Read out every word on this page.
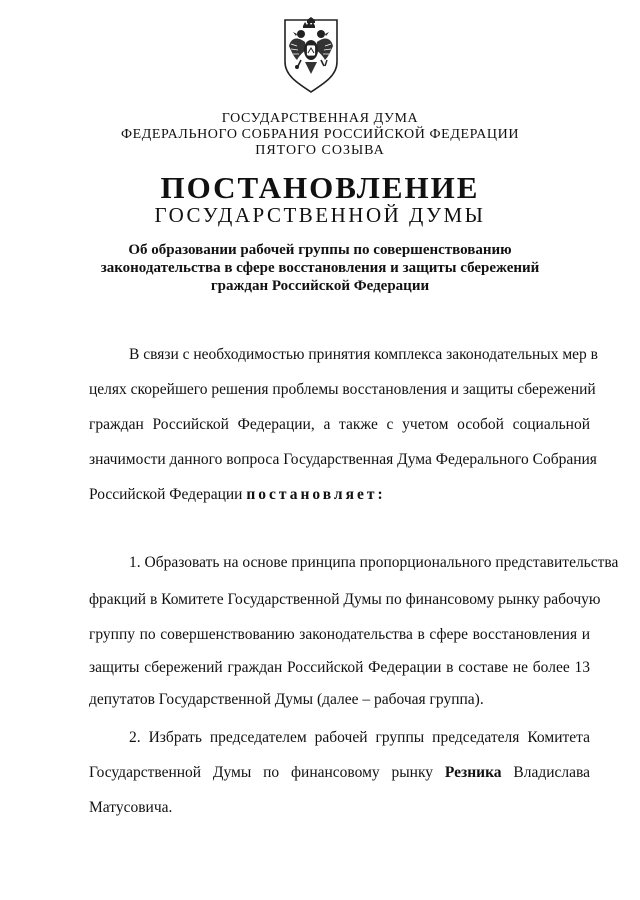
ГОСУДАРСТВЕННАЯ ДУМА
ФЕДЕРАЛЬНОГО СОБРАНИЯ РОССИЙСКОЙ ФЕДЕРАЦИИ
ПЯТОГО СОЗЫВА
ПОСТАНОВЛЕНИЕ
ГОСУДАРСТВЕННОЙ ДУМЫ
Об образовании рабочей группы по совершенствованию
законодательства в сфере восстановления и защиты сбережений
граждан Российской Федерации
В связи с необходимостью принятия комплекса законодательных мер в
целях скорейшего решения проблемы восстановления и защиты сбережений
граждан Российской Федерации, а также с учетом особой социальной
значимости данного вопроса Государственная Дума Федерального Собрания
Российской Федерации постановляет:
1. Образовать на основе принципа пропорционального представительства
фракций в Комитете Государственной Думы по финансовому рынку рабочую
группу по совершенствованию законодательства в сфере восстановления и
защиты сбережений граждан Российской Федерации в составе не более 13
депутатов Государственной Думы (далее – рабочая группа).
2. Избрать председателем рабочей группы председателя Комитета
Государственной Думы по финансовому рынку Резника Владислава
Матусовича.
